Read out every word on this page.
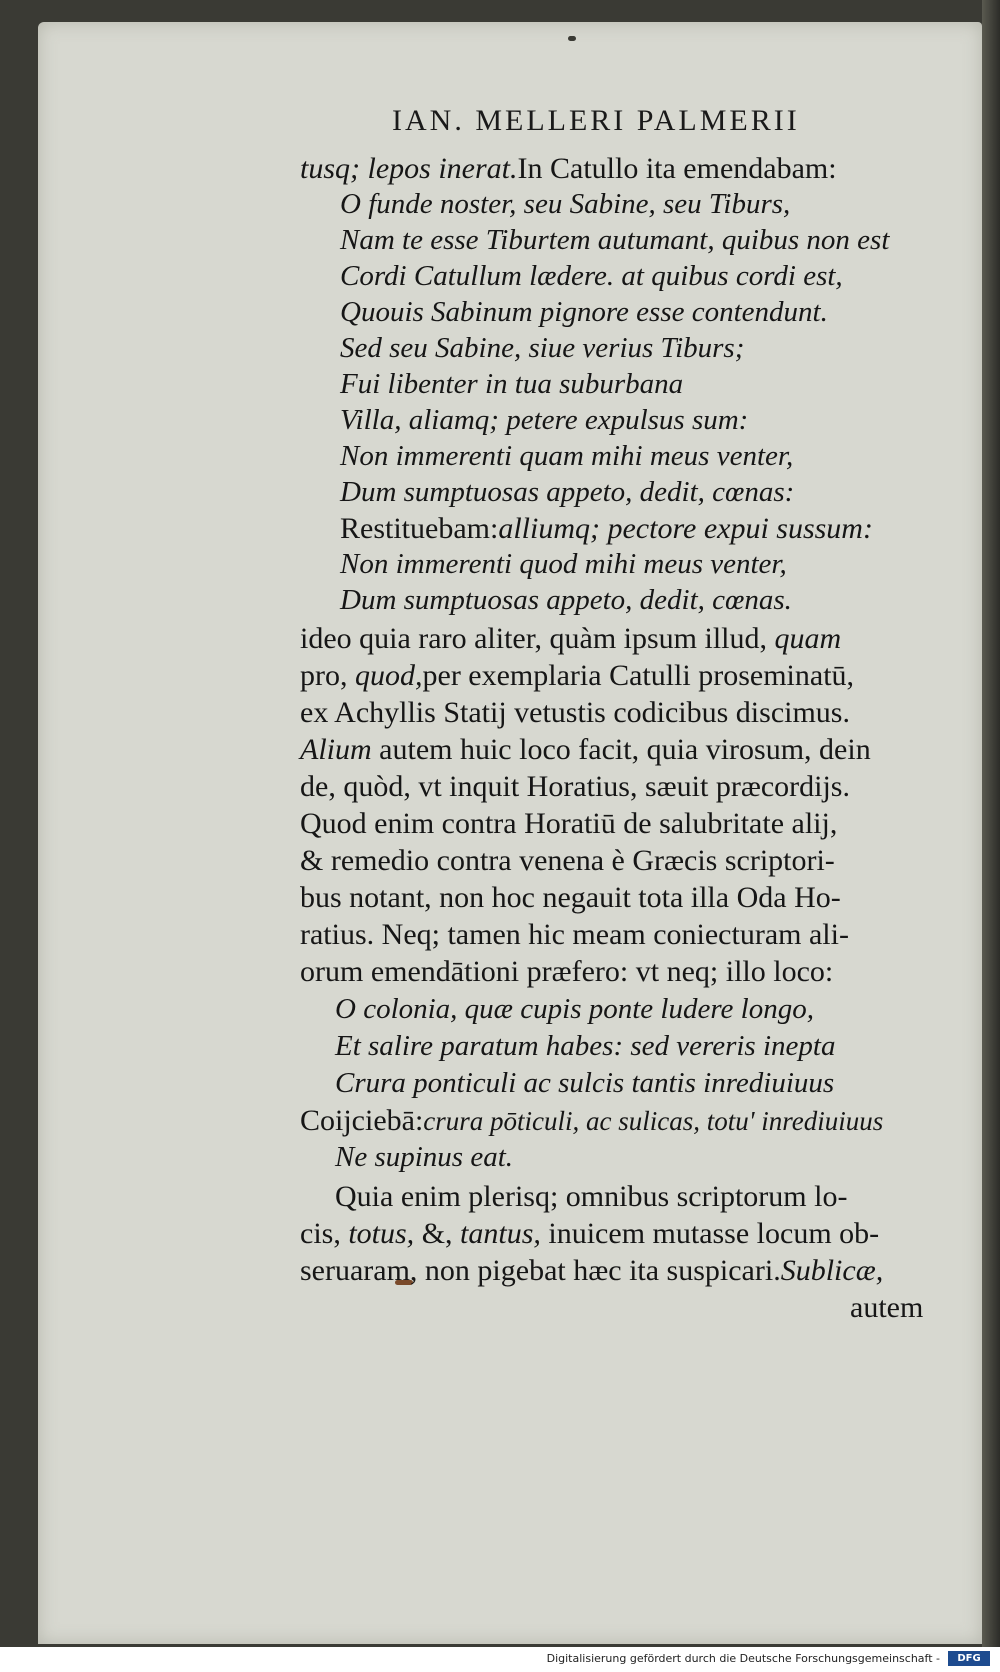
IAN. MELLERI PALMERII
tusq; lepos inerat.In Catullo ita emendabam:
O funde noster, seu Sabine, seu Tiburs,
Nam te esse Tiburtem autumant, quibus non est
Cordi Catullum lædere. at quibus cordi est,
Quouis Sabinum pignore esse contendunt.
Sed seu Sabine, siue verius Tiburs;
Fui libenter in tua suburbana
Villa, aliamq; petere expulsus sum:
Non immerenti quam mihi meus venter,
Dum sumptuosas appeto, dedit, cœnas:
Restituebam:alliumq; pectore expui sussum:
Non immerenti quod mihi meus venter,
Dum sumptuosas appeto, dedit, cœnas.
ideo quia raro aliter, quàm ipsum illud, quam
pro, quod,per exemplaria Catulli proseminatū,
ex Achyllis Statij vetustis codicibus discimus.
Alium autem huic loco facit, quia virosum, dein
de, quòd, vt inquit Horatius, sæuit præcordijs.
Quod enim contra Horatiū de salubritate alij,
& remedio contra venena è Græcis scriptori-
bus notant, non hoc negauit tota illa Oda Ho-
ratius. Neq; tamen hic meam coniecturam ali-
orum emendātioni præfero: vt neq; illo loco:
O colonia, quæ cupis ponte ludere longo,
Et salire paratum habes: sed vereris inepta
Crura ponticuli ac sulcis tantis inrediuiuus
Coijciebā:crura pōticuli, ac sulicas, totu' inrediuiuus
Ne supinus eat.
Quia enim plerisq; omnibus scriptorum lo-
cis, totus, &, tantus, inuicem mutasse locum ob-
seruaram, non pigebat hæc ita suspicari.Sublicæ,
autem
Digitalisierung gefördert durch die Deutsche Forschungsgemeinschaft -	DFG
